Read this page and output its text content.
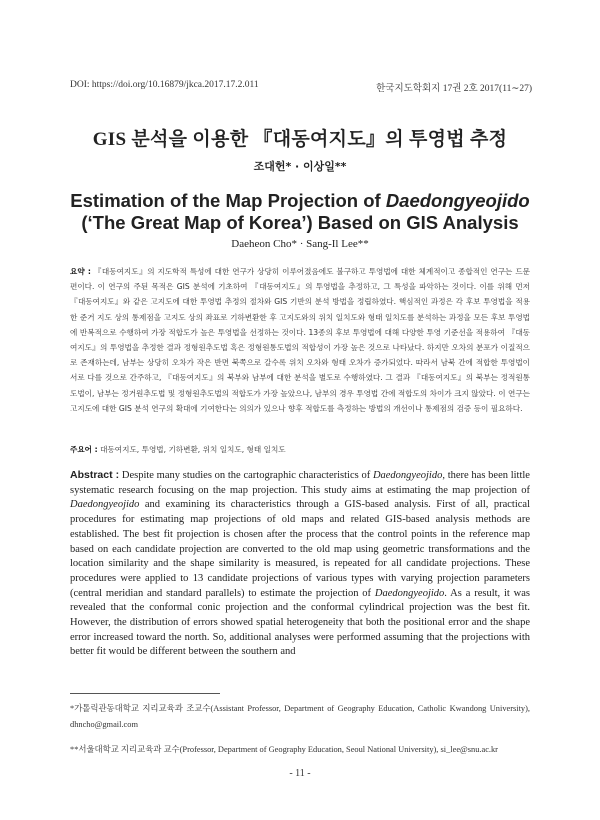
DOI: https://doi.org/10.16879/jkca.2017.17.2.011	한국지도학회지 17권 2호 2017(11∼27)
GIS 분석을 이용한 『대동여지도』의 투영법 추정
조대헌* · 이상일**
Estimation of the Map Projection of Daedongyeojido
(‘The Great Map of Korea’) Based on GIS Analysis
Daeheon Cho* · Sang-Il Lee**
요약 : 『대동여지도』의 지도학적 특성에 대한 연구가 상당히 이루어졌음에도 불구하고 투영법에 대한 체계적이고 종합적인 연구는 드문 편이다. 이 연구의 주된 목적은 GIS 분석에 기초하여 『대동여지도』의 투영법을 추정하고, 그 특성을 파악하는 것이다. 이를 위해 먼저 『대동여지도』와 같은 고지도에 대한 투영법 추정의 절차와 GIS 기반의 분석 방법을 정립하였다. 핵심적인 과정은 각 후보 투영법을 적용한 준거 지도 상의 통제점을 고지도 상의 좌표로 기하변환한 후 고지도와의 위치 일치도와 형태 일치도를 분석하는 과정을 모든 후보 투영법에 반복적으로 수행하여 가장 적합도가 높은 투영법을 선정하는 것이다. 13종의 후보 투영법에 대해 다양한 투영 기준선을 적용하여 『대동여지도』의 투영법을 추정한 결과 정형원추도법 혹은 정형원통도법의 적합성이 가장 높은 것으로 나타났다. 하지만 오차의 분포가 이질적으로 존재하는데, 남부는 상당히 오차가 작은 반면 북쪽으로 갈수록 위치 오차와 형태 오차가 증가되었다. 따라서 남북 간에 적합한 투영법이 서로 다를 것으로 간주하고, 『대동여지도』의 북부와 남부에 대한 분석을 별도로 수행하였다. 그 결과 『대동여지도』의 북부는 정적원통도법이, 남부는 정거원추도법 및 정형원추도법의 적합도가 가장 높았으나, 남부의 경우 투영법 간에 적합도의 차이가 크지 않았다. 이 연구는 고지도에 대한 GIS 분석 연구의 확대에 기여한다는 의의가 있으나 향후 적합도를 측정하는 방법의 개선이나 통제점의 검증 등이 필요하다.
주요어 : 대동여지도, 투영법, 기하변환, 위치 일치도, 형태 일치도
Abstract : Despite many studies on the cartographic characteristics of Daedongyeojido, there has been little systematic research focusing on the map projection. This study aims at estimating the map projection of Daedongyeojido and examining its characteristics through a GIS-based analysis. First of all, practical procedures for estimating map projections of old maps and related GIS-based analysis methods are established. The best fit projection is chosen after the process that the control points in the reference map based on each candidate projection are converted to the old map using geometric transformations and the location similarity and the shape similarity is measured, is repeated for all candidate projections. These procedures were applied to 13 candidate projections of various types with varying projection parameters (central meridian and standard parallels) to estimate the projection of Daedongyeojido. As a result, it was revealed that the conformal conic projection and the conformal cylindrical projection was the best fit. However, the distribution of errors showed spatial heterogeneity that both the positional error and the shape error increased toward the north. So, additional analyses were performed assuming that the projections with better fit would be different between the southern and
*가톨릭관동대학교 지리교육과 조교수(Assistant Professor, Department of Geography Education, Catholic Kwandong University), dhncho@gmail.com
**서울대학교 지리교육과 교수(Professor, Department of Geography Education, Seoul National University), si_lee@snu.ac.kr
- 11 -
